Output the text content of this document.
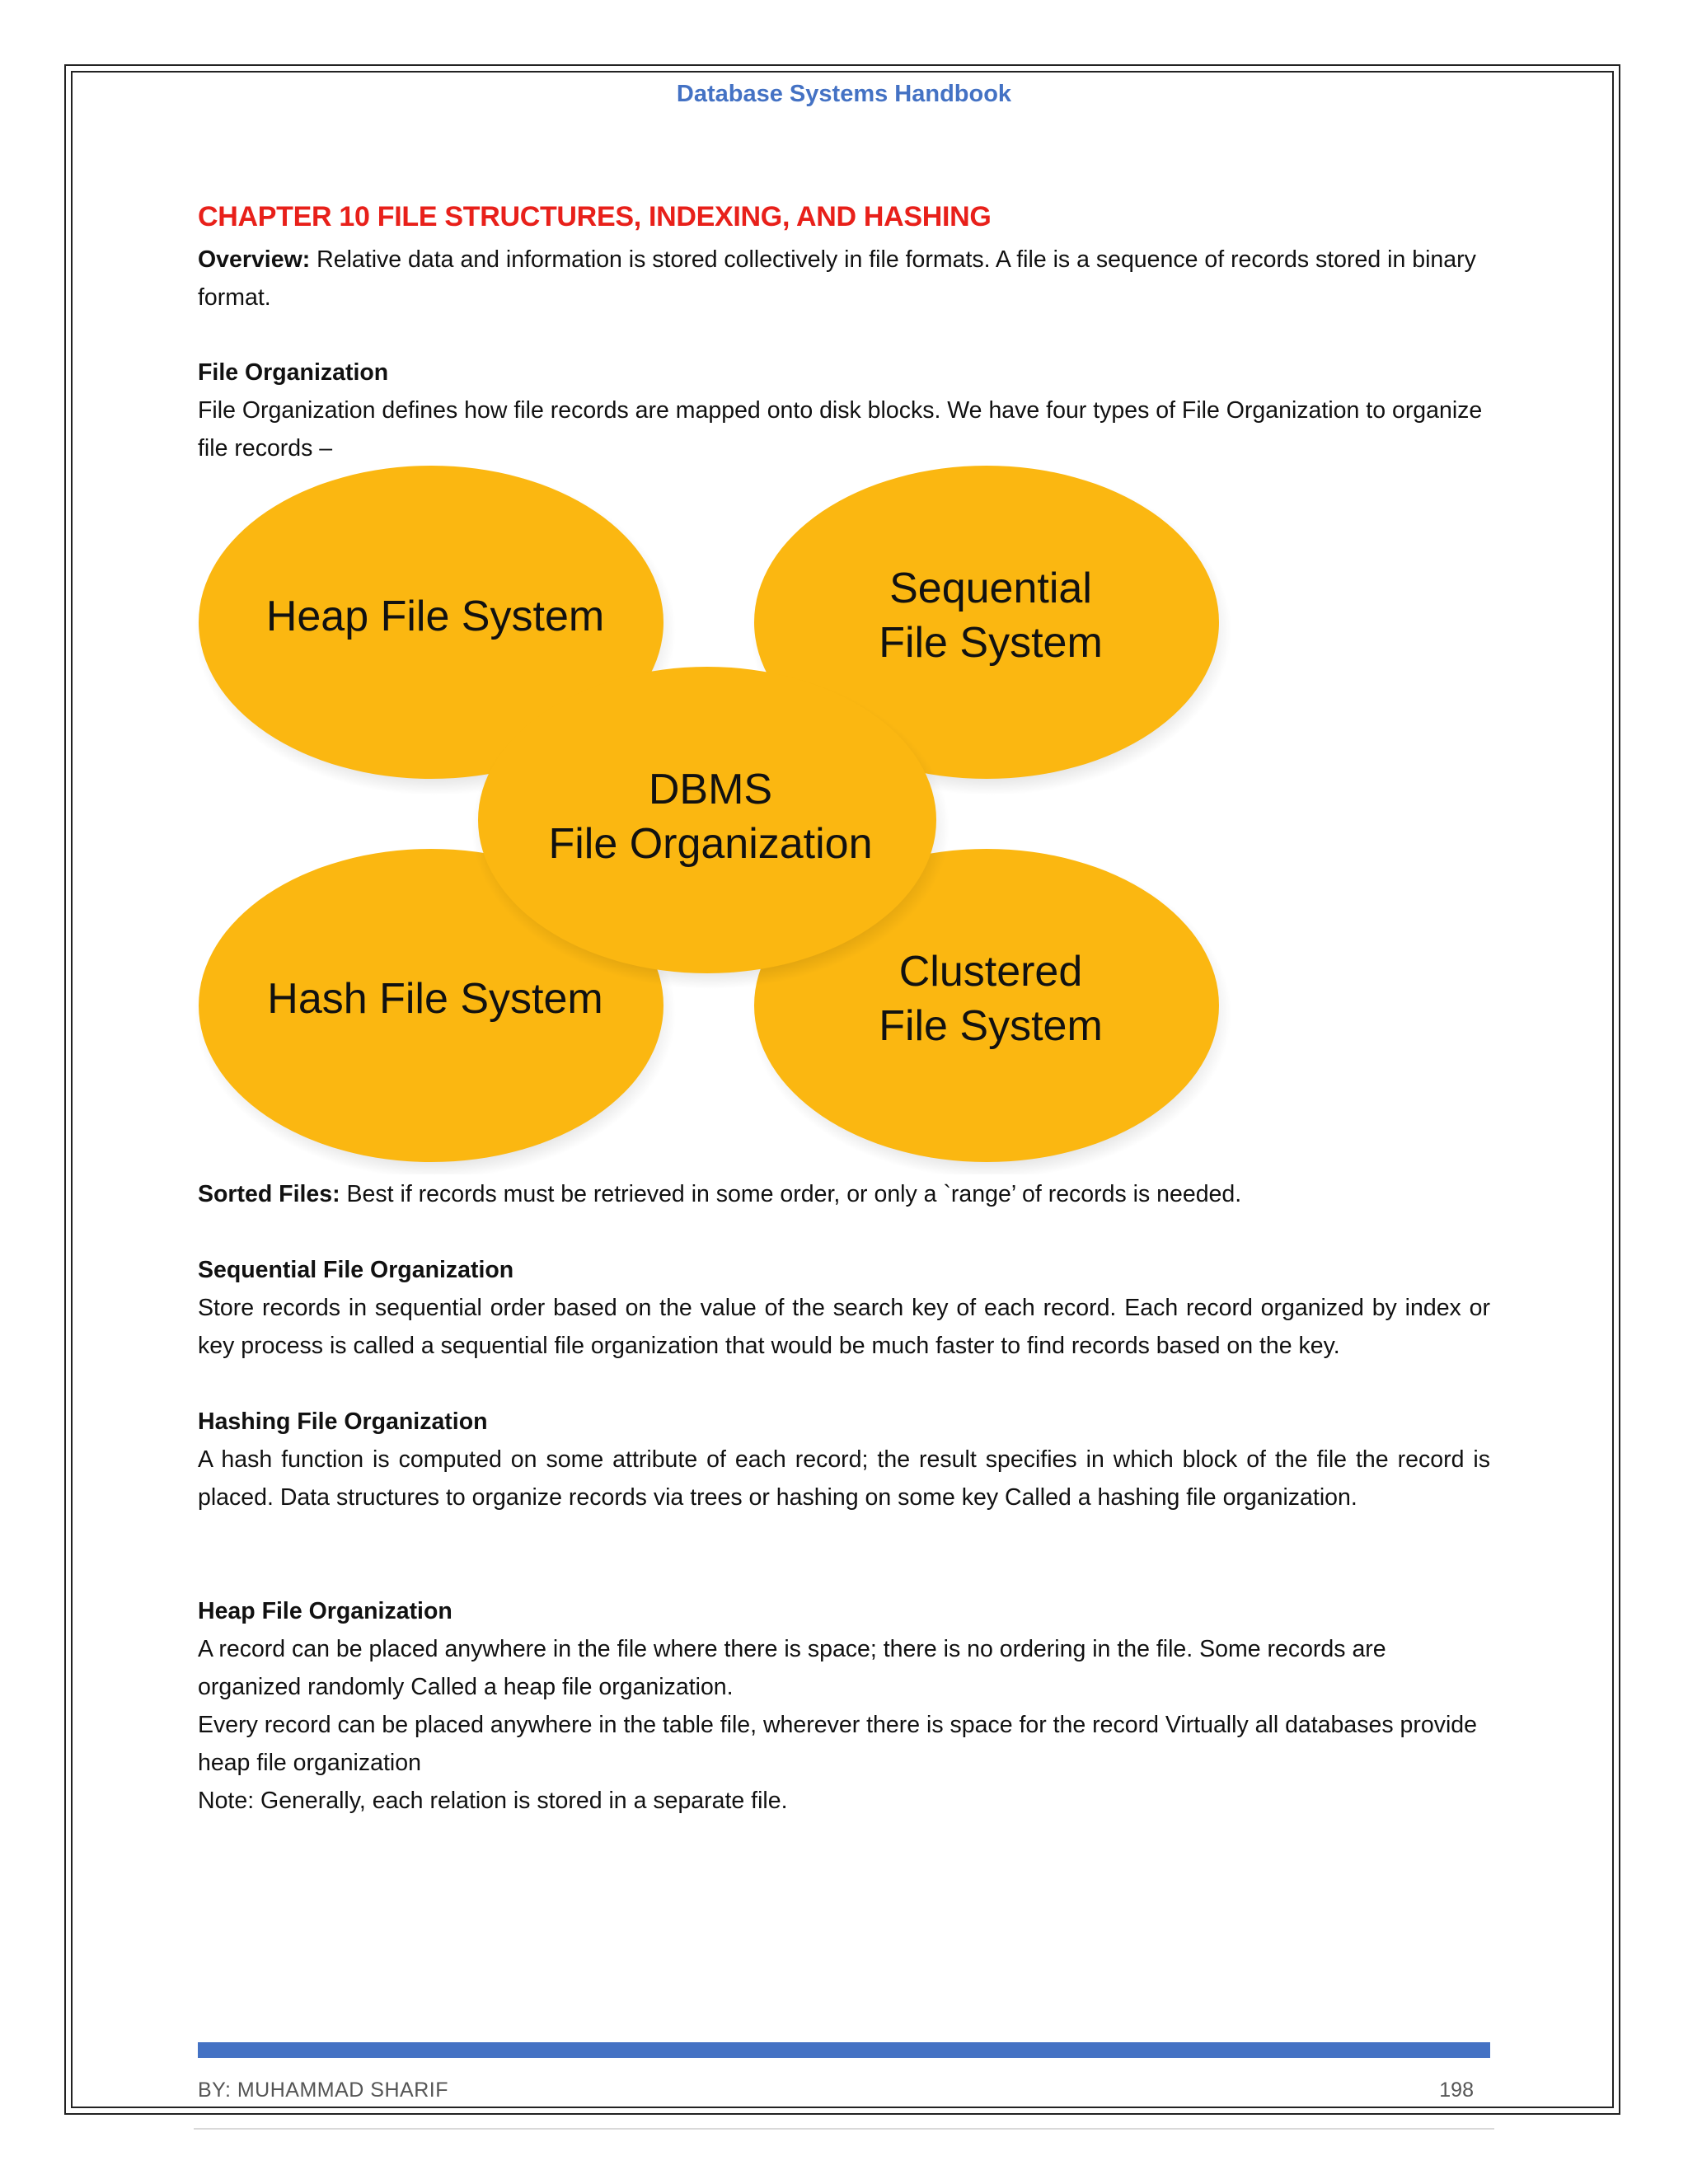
Database Systems Handbook
CHAPTER 10 FILE STRUCTURES, INDEXING, AND HASHING
Overview: Relative data and information is stored collectively in file formats. A file is a sequence of records stored in binary format.
File Organization
File Organization defines how file records are mapped onto disk blocks. We have four types of File Organization to organize file records –
Heap File System
Sequential
File System
DBMS
File Organization
Hash File System
Clustered
File System
Sorted Files: Best if records must be retrieved in some order, or only a `range’ of records is needed.
Sequential File Organization
Store records in sequential order based on the value of the search key of each record. Each record organized by index or key process is called a sequential file organization that would be much faster to find records based on the key.
Hashing File Organization
A hash function is computed on some attribute of each record; the result specifies in which block of the file the record is placed. Data structures to organize records via trees or hashing on some key Called a hashing file organization.
Heap File Organization
A record can be placed anywhere in the file where there is space; there is no ordering in the file. Some records are organized randomly Called a heap file organization.
Every record can be placed anywhere in the table file, wherever there is space for the record Virtually all databases provide heap file organization
Note: Generally, each relation is stored in a separate file.
BY: MUHAMMAD SHARIF	198
